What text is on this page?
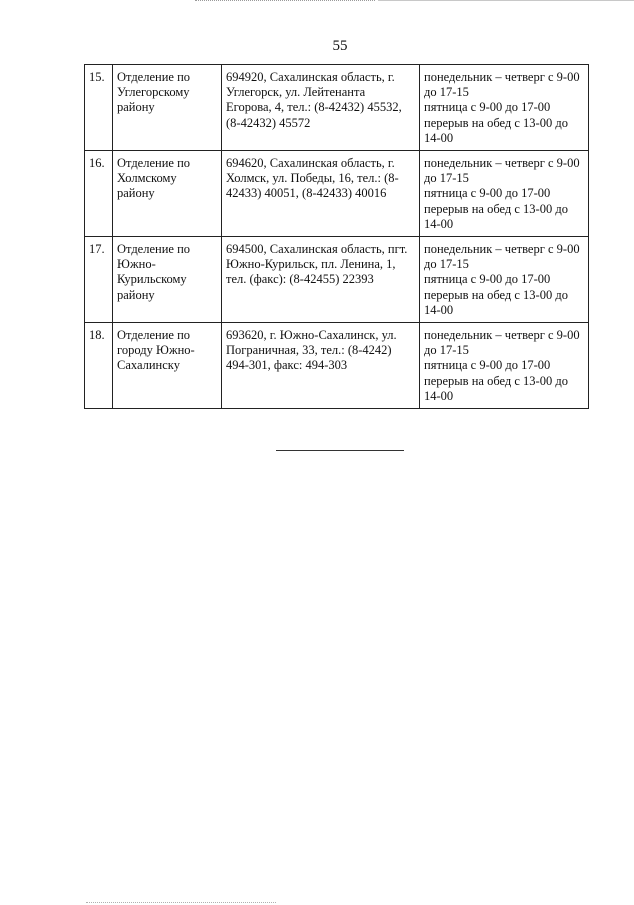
55
15.	Отделение по
Углегорскому
району	694920, Сахалинская область, г.
Углегорск, ул. Лейтенанта
Егорова, 4, тел.: (8-42432) 45532,
(8-42432) 45572	понедельник – четверг с 9-00
до 17-15
пятница с 9-00 до 17-00
перерыв на обед с 13-00 до
14-00

16.	Отделение по
Холмскому
району	694620, Сахалинская область, г.
Холмск, ул. Победы, 16, тел.: (8-
42433) 40051, (8-42433) 40016	понедельник – четверг с 9-00
до 17-15
пятница с 9-00 до 17-00
перерыв на обед с 13-00 до
14-00

17.	Отделение по
Южно-
Курильскому
району	694500, Сахалинская область, пгт.
Южно-Курильск, пл. Ленина, 1,
тел. (факс): (8-42455) 22393	понедельник – четверг с 9-00
до 17-15
пятница с 9-00 до 17-00
перерыв на обед с 13-00 до
14-00

18.	Отделение по
городу Южно-
Сахалинску	693620, г. Южно-Сахалинск, ул.
Пограничная, 33, тел.: (8-4242)
494-301, факс: 494-303	понедельник – четверг с 9-00
до 17-15
пятница с 9-00 до 17-00
перерыв на обед с 13-00 до
14-00
